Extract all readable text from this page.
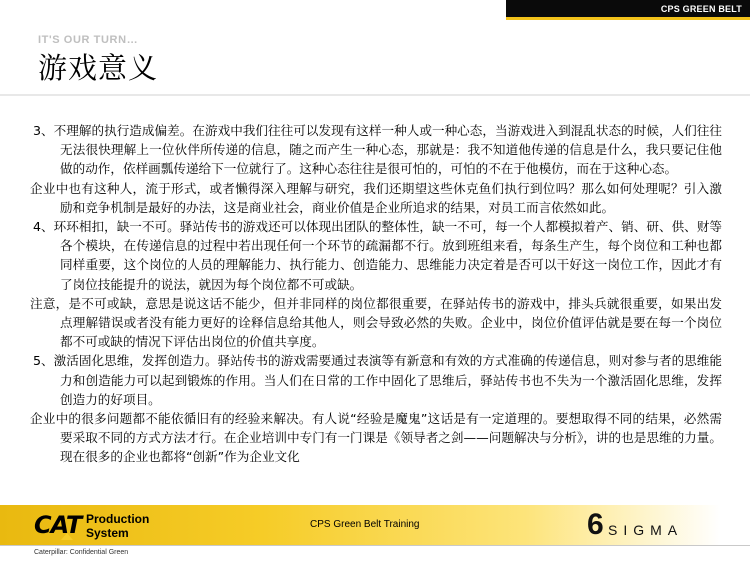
CPS GREEN BELT
IT'S OUR TURN…
游戏意义

3、不理解的执行造成偏差。在游戏中我们往往可以发现有这样一种人或一种心态，当游戏进入到混乱状态的时候，人们往往无法很快理解上一位伙伴所传递的信息，随之而产生一种心态，那就是：我不知道他传递的信息是什么，我只要记住他做的动作，依样画瓢传递给下一位就行了。这种心态往往是很可怕的，可怕的不在于他模仿，而在于这种心态。

企业中也有这种人，流于形式，或者懒得深入理解与研究，我们还期望这些休克鱼们执行到位吗？那么如何处理呢？引入激励和竞争机制是最好的办法，这是商业社会，商业价值是企业所追求的结果，对员工而言依然如此。

4、环环相扣，缺一不可。驿站传书的游戏还可以体现出团队的整体性，缺一不可，每一个人都模拟着产、销、研、供、财等各个模块，在传递信息的过程中若出现任何一个环节的疏漏都不行。放到班组来看，每条生产生，每个岗位和工种也都同样重要，这个岗位的人员的理解能力、执行能力、创造能力、思维能力决定着是否可以干好这一岗位工作，因此才有了岗位技能提升的说法，就因为每个岗位都不可或缺。

注意，是不可或缺，意思是说这话不能少，但并非同样的岗位都很重要，在驿站传书的游戏中，排头兵就很重要，如果出发点理解错误或者没有能力更好的诠释信息给其他人，则会导致必然的失败。企业中，岗位价值评估就是要在每一个岗位都不可或缺的情况下评估出岗位的价值共享度。

5、激活固化思维，发挥创造力。驿站传书的游戏需要通过表演等有新意和有效的方式准确的传递信息，则对参与者的思维能力和创造能力可以起到锻炼的作用。当人们在日常的工作中固化了思维后，驿站传书也不失为一个激活固化思维，发挥创造力的好项目。

企业中的很多问题都不能依循旧有的经验来解决。有人说“经验是魔鬼”这话是有一定道理的。要想取得不同的结果，必然需要采取不同的方式方法才行。在企业培训中专门有一门课是《领导者之剑——问题解决与分析》，讲的也是思维的力量。现在很多的企业也都将“创新”作为企业文化

CAT Production
System
CPS Green Belt Training	6 SIGMA
Caterpillar: Confidential Green
